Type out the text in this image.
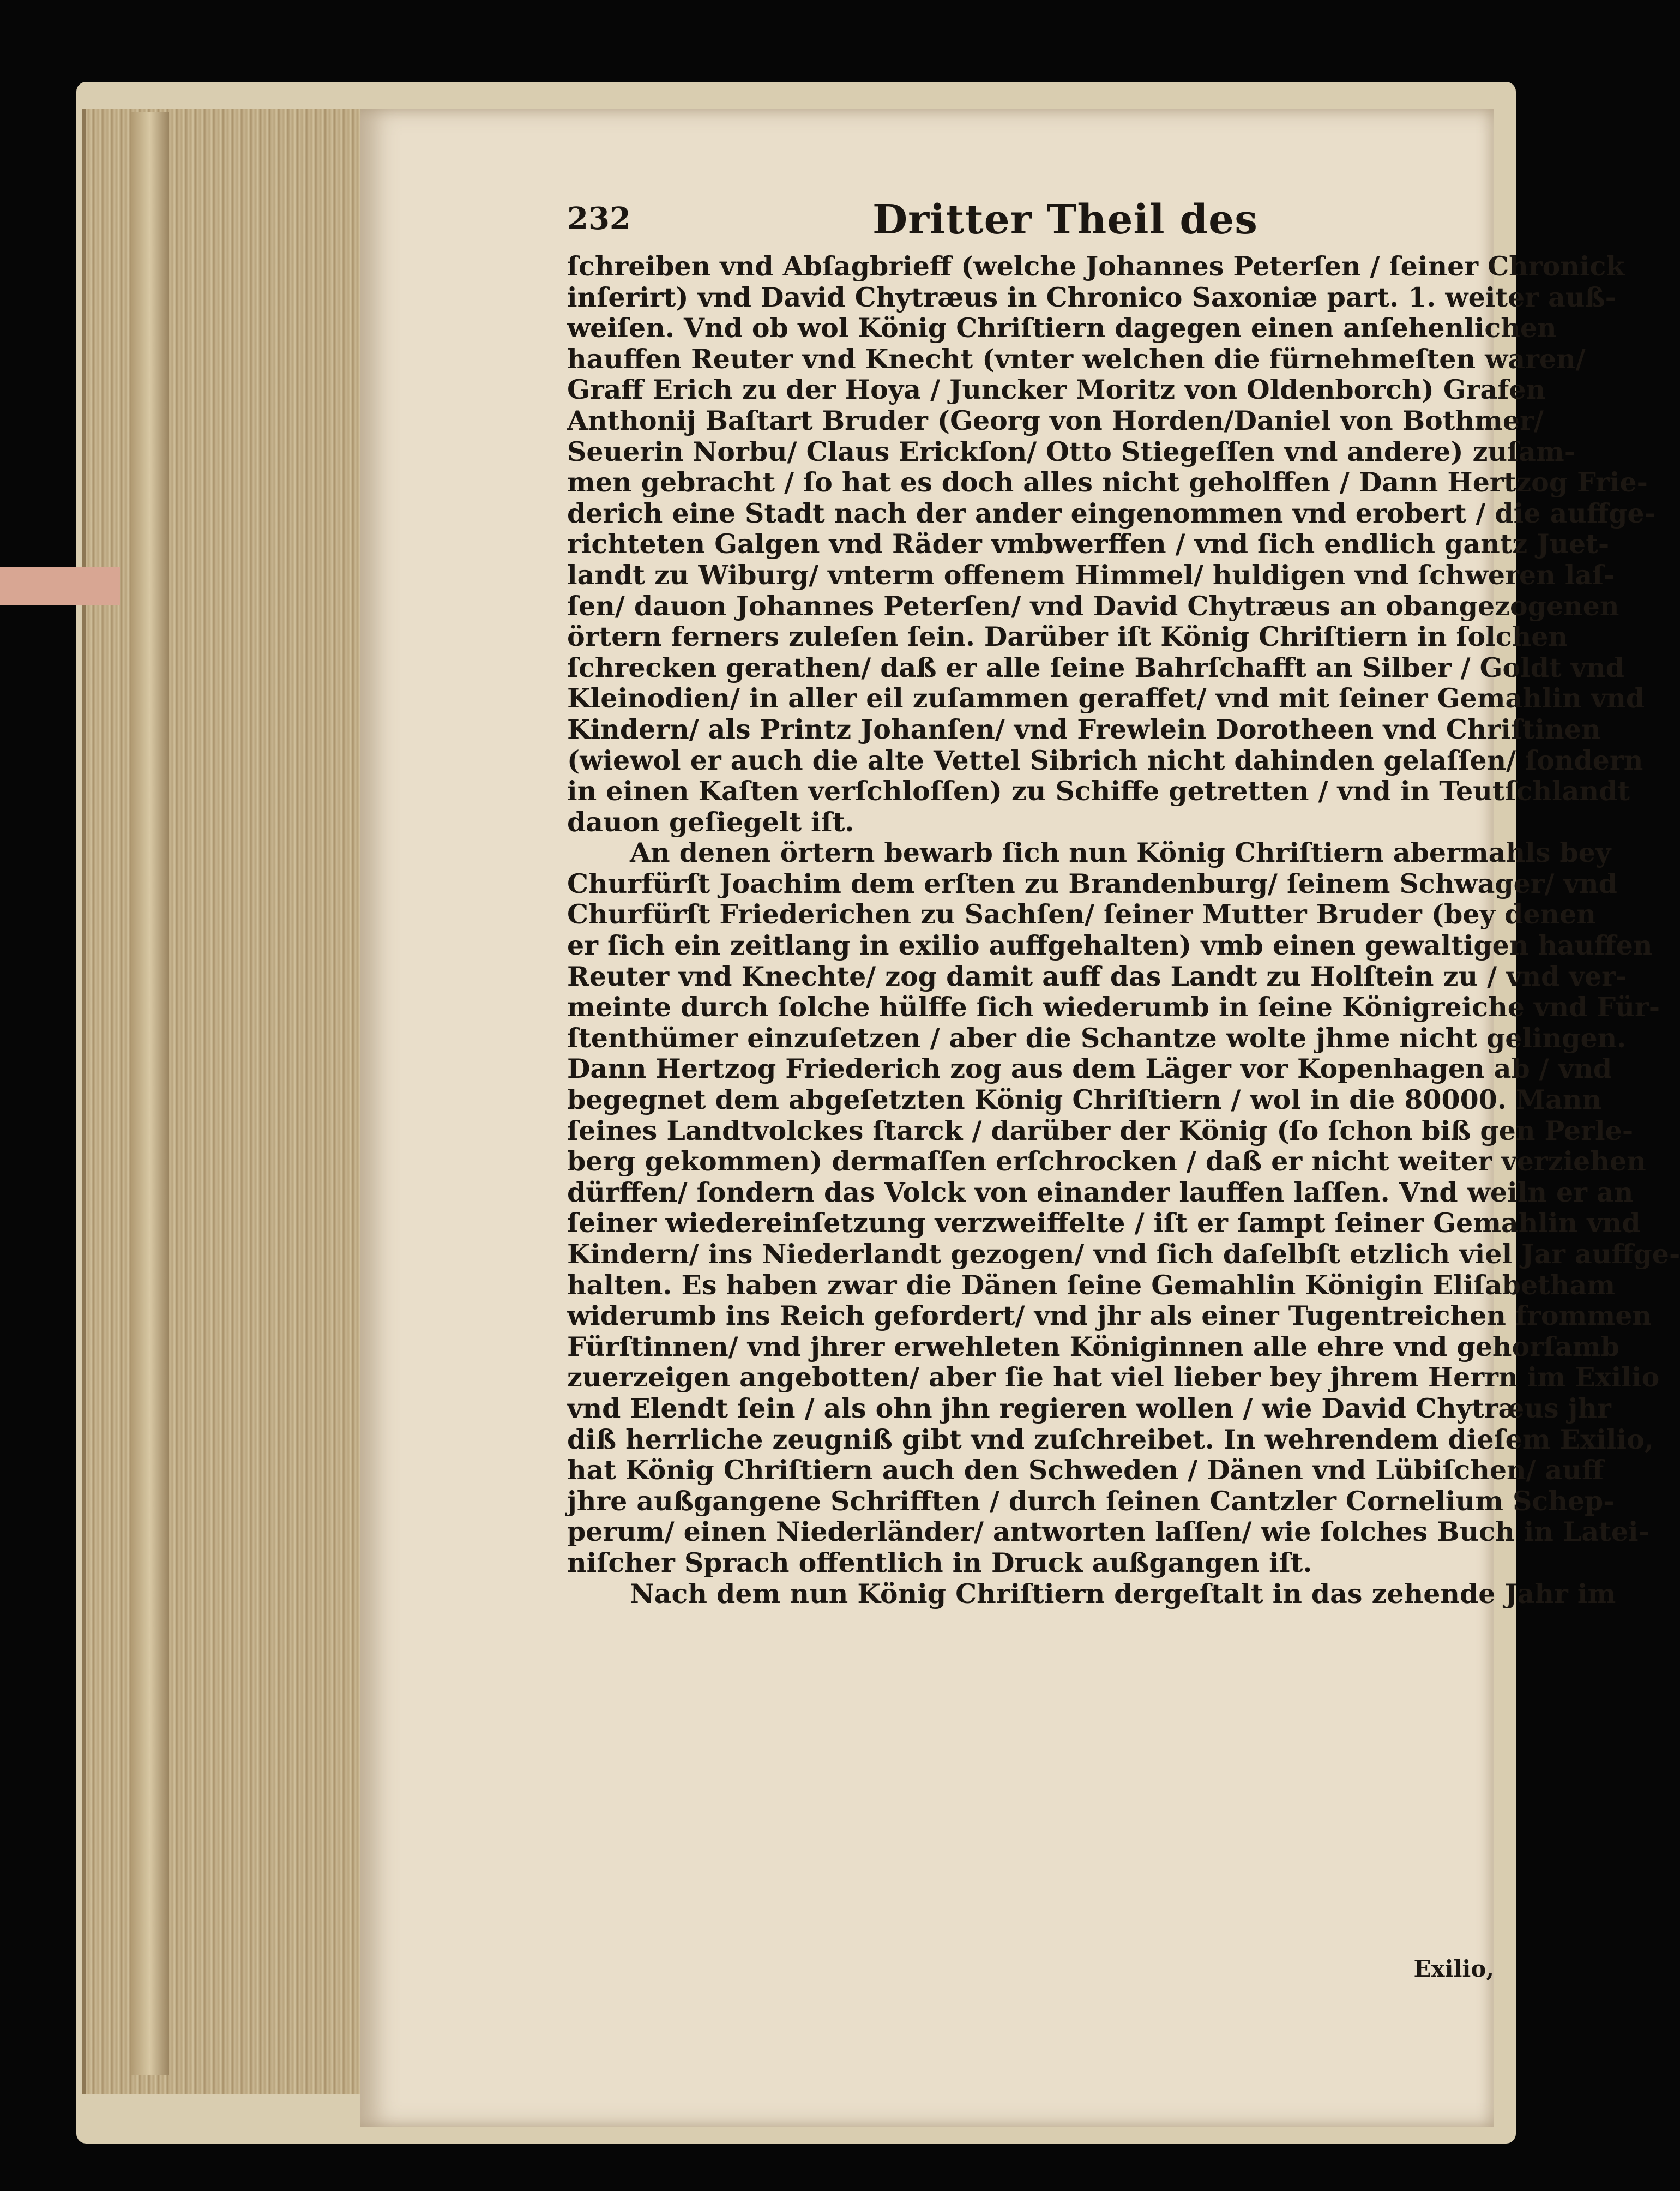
232	Dritter Theil des
ſchreiben vnd Abſagbrieff (welche Johannes Peterſen / ſeiner Chronick
inſerirt) vnd David Chytræus in Chronico Saxoniæ part. 1. weiter auß-
weiſen. Vnd ob wol König Chriſtiern dagegen einen anſehenlichen
hauffen Reuter vnd Knecht (vnter welchen die fürnehmeſten waren/
Graff Erich zu der Hoya / Juncker Moritz von Oldenborch) Grafen
Anthonij Baſtart Bruder (Georg von Horden/Daniel von Bothmer/
Seuerin Norbu/ Claus Erickſon/ Otto Stiegeſſen vnd andere) zuſam-
men gebracht / ſo hat es doch alles nicht geholffen / Dann Hertzog Frie-
derich eine Stadt nach der ander eingenommen vnd erobert / die auffge-
richteten Galgen vnd Räder vmbwerffen / vnd ſich endlich gantz Juet-
landt zu Wiburg/ vnterm offenem Himmel/ huldigen vnd ſchweren laſ-
ſen/ dauon Johannes Peterſen/ vnd David Chytræus an obangezogenen
örtern ferners zuleſen ſein. Darüber iſt König Chriſtiern in ſolchen
ſchrecken gerathen/ daß er alle ſeine Bahrſchafft an Silber / Goldt vnd
Kleinodien/ in aller eil zuſammen geraffet/ vnd mit ſeiner Gemahlin vnd
Kindern/ als Printz Johanſen/ vnd Frewlein Dorotheen vnd Chriſtinen
(wiewol er auch die alte Vettel Sibrich nicht dahinden gelaſſen/ ſondern
in einen Kaſten verſchloſſen) zu Schiffe getretten / vnd in Teutſchlandt
dauon geſiegelt iſt.
An denen örtern bewarb ſich nun König Chriſtiern abermahls bey
Churfürſt Joachim dem erſten zu Brandenburg/ ſeinem Schwager/ vnd
Churfürſt Friederichen zu Sachſen/ ſeiner Mutter Bruder (bey denen
er ſich ein zeitlang in exilio auffgehalten) vmb einen gewaltigen hauffen
Reuter vnd Knechte/ zog damit auff das Landt zu Holſtein zu / vnd ver-
meinte durch ſolche hülffe ſich wiederumb in ſeine Königreiche vnd Für-
ſtenthümer einzuſetzen / aber die Schantze wolte jhme nicht gelingen.
Dann Hertzog Friederich zog aus dem Läger vor Kopenhagen ab / vnd
begegnet dem abgeſetzten König Chriſtiern / wol in die 80000. Mann
ſeines Landtvolckes ſtarck / darüber der König (ſo ſchon biß gen Perle-
berg gekommen) dermaſſen erſchrocken / daß er nicht weiter verziehen
dürffen/ ſondern das Volck von einander lauffen laſſen. Vnd weiln er an
ſeiner wiedereinſetzung verzweiffelte / iſt er ſampt ſeiner Gemahlin vnd
Kindern/ ins Niederlandt gezogen/ vnd ſich daſelbſt etzlich viel Jar auffge-
halten. Es haben zwar die Dänen ſeine Gemahlin Königin Eliſabetham
widerumb ins Reich gefordert/ vnd jhr als einer Tugentreichen frommen
Fürſtinnen/ vnd jhrer erwehleten Königinnen alle ehre vnd gehorſamb
zuerzeigen angebotten/ aber ſie hat viel lieber bey jhrem Herrn im Exilio
vnd Elendt ſein / als ohn jhn regieren wollen / wie David Chytræus jhr
diß herrliche zeugniß gibt vnd zuſchreibet. In wehrendem dieſem Exilio,
hat König Chriſtiern auch den Schweden / Dänen vnd Lübiſchen/ auff
jhre außgangene Schrifften / durch ſeinen Cantzler Cornelium Schep-
perum/ einen Niederländer/ antworten laſſen/ wie ſolches Buch in Latei-
niſcher Sprach offentlich in Druck außgangen iſt.
Nach dem nun König Chriſtiern dergeſtalt in das zehende Jahr im
Exilio,
